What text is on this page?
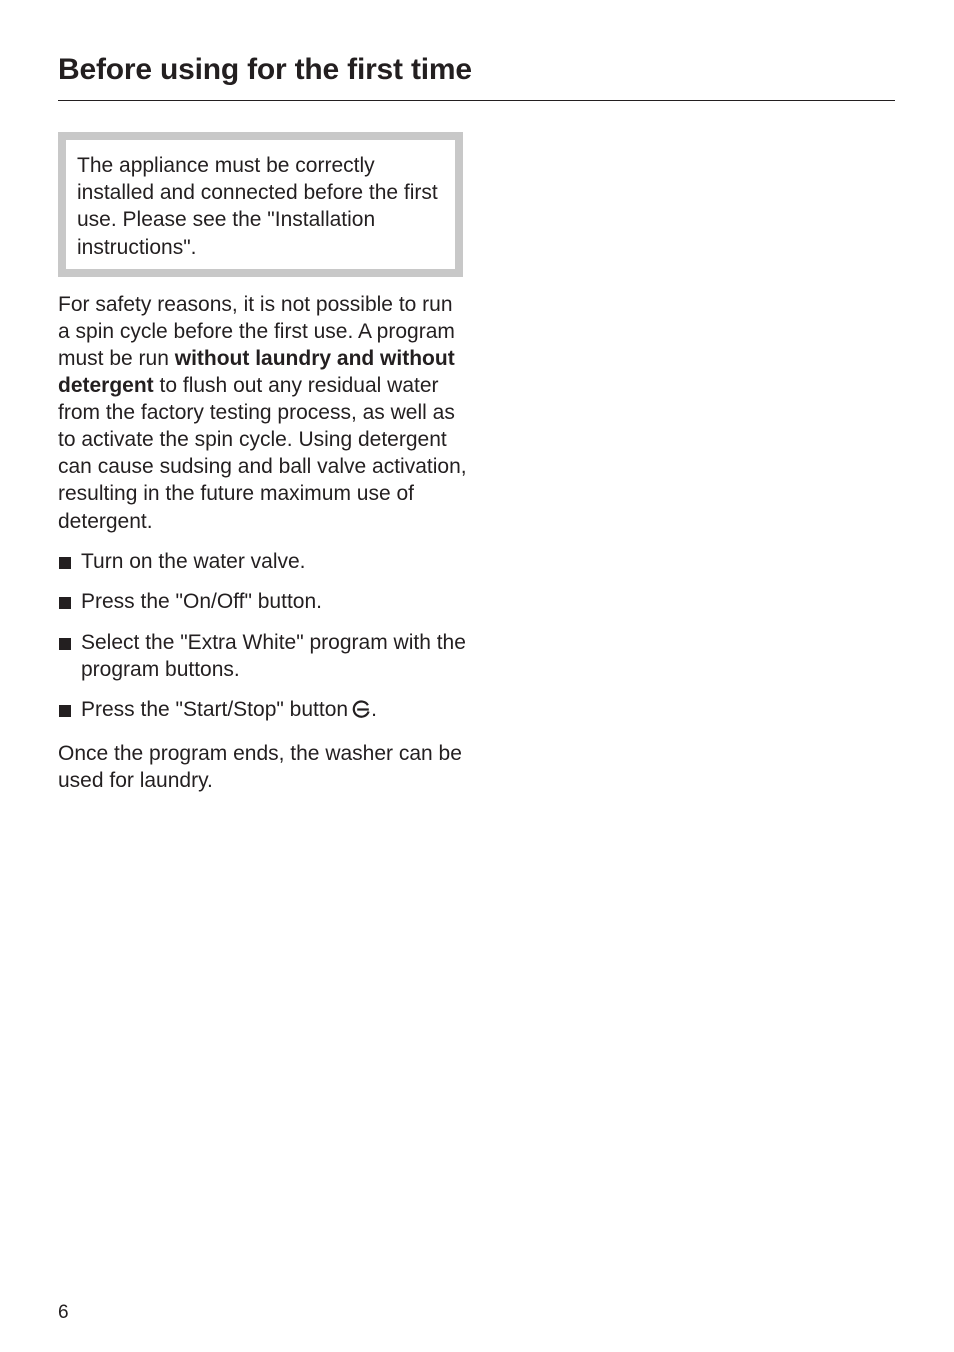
Before using for the first time
The appliance must be correctly installed and connected before the first use. Please see the "Installation instructions".

For safety reasons, it is not possible to run a spin cycle before the first use. A program must be run without laundry and without detergent to flush out any residual water from the factory testing process, as well as to activate the spin cycle. Using detergent can cause sudsing and ball valve activation, resulting in the future maximum use of detergent.

Turn on the water valve.
Press the "On/Off" button.
Select the "Extra White" program with the program buttons.
Press the "Start/Stop" button .

Once the program ends, the washer can be used for laundry.

6
